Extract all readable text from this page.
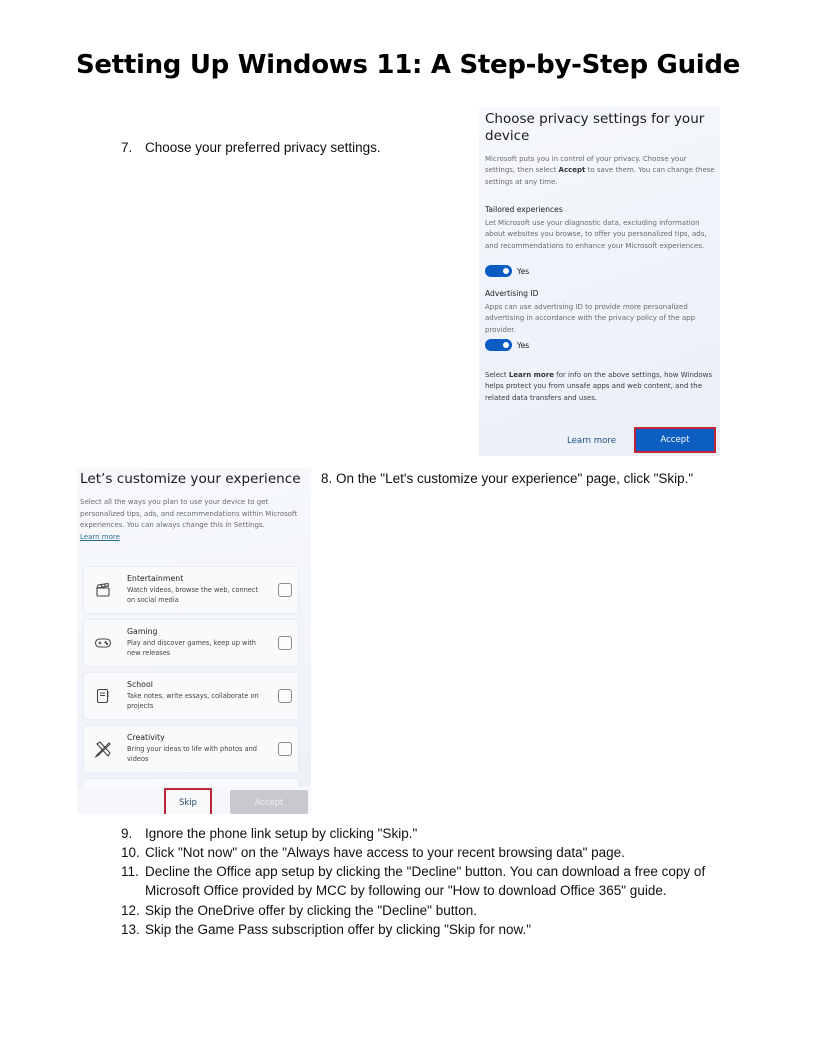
Setting Up Windows 11: A Step-by-Step Guide
7. Choose your preferred privacy settings.
Choose privacy settings for your device
Microsoft puts you in control of your privacy. Choose your settings, then select Accept to save them. You can change these settings at any time.
Tailored experiences
Let Microsoft use your diagnostic data, excluding information about websites you browse, to offer you personalized tips, ads, and recommendations to enhance your Microsoft experiences.
Yes
Advertising ID
Apps can use advertising ID to provide more personalized advertising in accordance with the privacy policy of the app provider.
Yes
Select Learn more for info on the above settings, how Windows helps protect you from unsafe apps and web content, and the related data transfers and uses.
Learn more	Accept
8. On the "Let's customize your experience" page, click "Skip."
Let’s customize your experience
Select all the ways you plan to use your device to get personalized tips, ads, and recommendations within Microsoft experiences. You can always change this in Settings.
Learn more
Entertainment
Watch videos, browse the web, connect on social media
Gaming
Play and discover games, keep up with new releases
School
Take notes, write essays, collaborate on projects
Creativity
Bring your ideas to life with photos and videos
Skip	Accept
9. Ignore the phone link setup by clicking "Skip."
10. Click "Not now" on the "Always have access to your recent browsing data" page.
11. Decline the Office app setup by clicking the "Decline" button. You can download a free copy of
Microsoft Office provided by MCC by following our "How to download Office 365" guide.
12. Skip the OneDrive offer by clicking the "Decline" button.
13. Skip the Game Pass subscription offer by clicking "Skip for now."
